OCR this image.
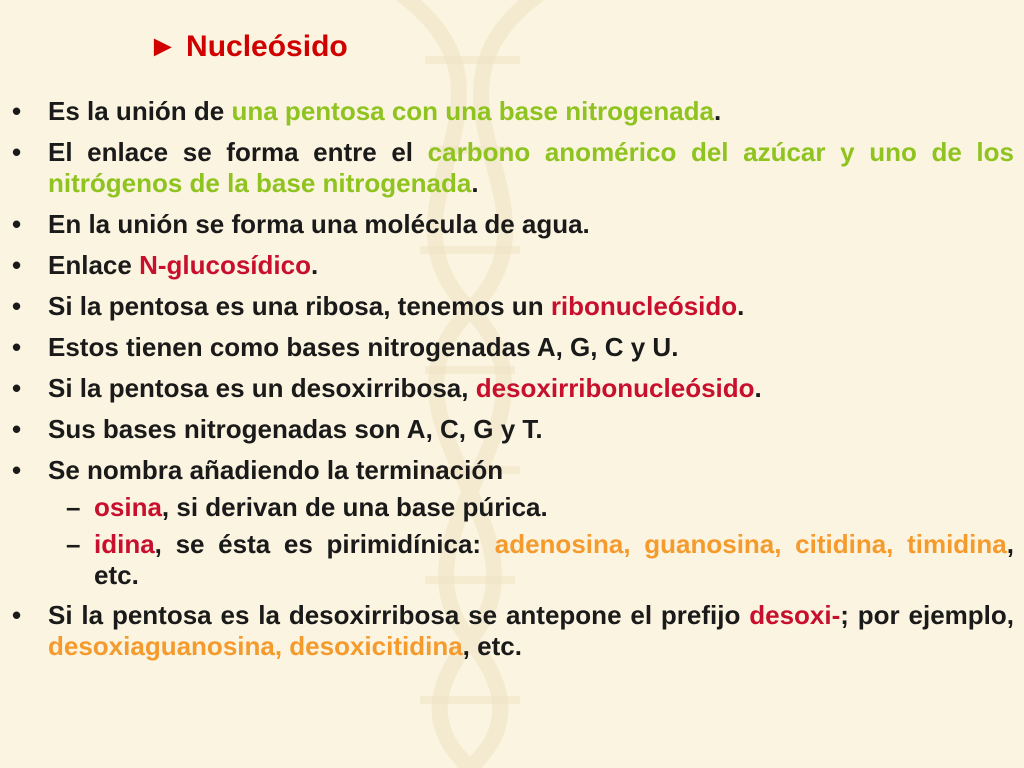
► Nucleósido
• Es la unión de una pentosa con una base nitrogenada.
• El enlace se forma entre el carbono anomérico del azúcar y uno de los nitrógenos de la base nitrogenada.
• En la unión se forma una molécula de agua.
• Enlace N-glucosídico.
• Si la pentosa es una ribosa, tenemos un ribonucleósido.
• Estos tienen como bases nitrogenadas A, G, C y U.
• Si la pentosa es un desoxirribosa, desoxirribonucleósido.
• Sus bases nitrogenadas son A, C, G y T.
• Se nombra añadiendo la terminación
– osina, si derivan de una base púrica.
– idina, se ésta es pirimidínica: adenosina, guanosina, citidina, timidina, etc.
• Si la pentosa es la desoxirribosa se antepone el prefijo desoxi-; por ejemplo, desoxiaguanosina, desoxicitidina, etc.
